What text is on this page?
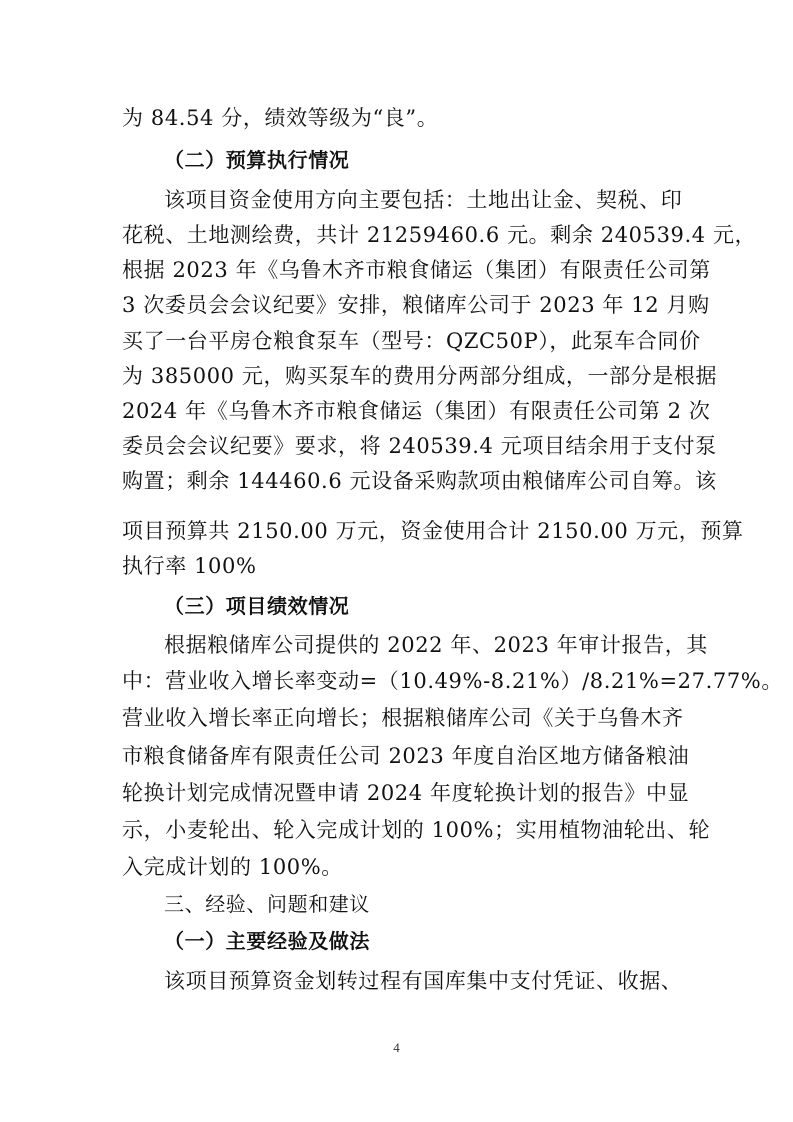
为 84.54 分，绩效等级为“良”。
（二）预算执行情况
该项目资金使用方向主要包括：土地出让金、契税、印
花税、土地测绘费，共计 21259460.6 元。剩余 240539.4 元，
根据 2023 年《乌鲁木齐市粮食储运（集团）有限责任公司第
3 次委员会会议纪要》安排，粮储库公司于 2023 年 12 月购
买了一台平房仓粮食泵车（型号：QZC50P），此泵车合同价
为 385000 元，购买泵车的费用分两部分组成，一部分是根据
2024 年《乌鲁木齐市粮食储运（集团）有限责任公司第 2 次
委员会会议纪要》要求，将 240539.4 元项目结余用于支付泵
购置；剩余 144460.6 元设备采购款项由粮储库公司自筹。该
项目预算共 2150.00 万元，资金使用合计 2150.00 万元，预算
执行率 100%
（三）项目绩效情况
根据粮储库公司提供的 2022 年、2023 年审计报告，其
中：营业收入增长率变动=（10.49%-8.21%）/8.21%=27.77%。
营业收入增长率正向增长；根据粮储库公司《关于乌鲁木齐
市粮食储备库有限责任公司 2023 年度自治区地方储备粮油
轮换计划完成情况暨申请 2024 年度轮换计划的报告》中显
示，小麦轮出、轮入完成计划的 100%；实用植物油轮出、轮
入完成计划的 100%。
三、经验、问题和建议
（一）主要经验及做法
该项目预算资金划转过程有国库集中支付凭证、收据、
4
